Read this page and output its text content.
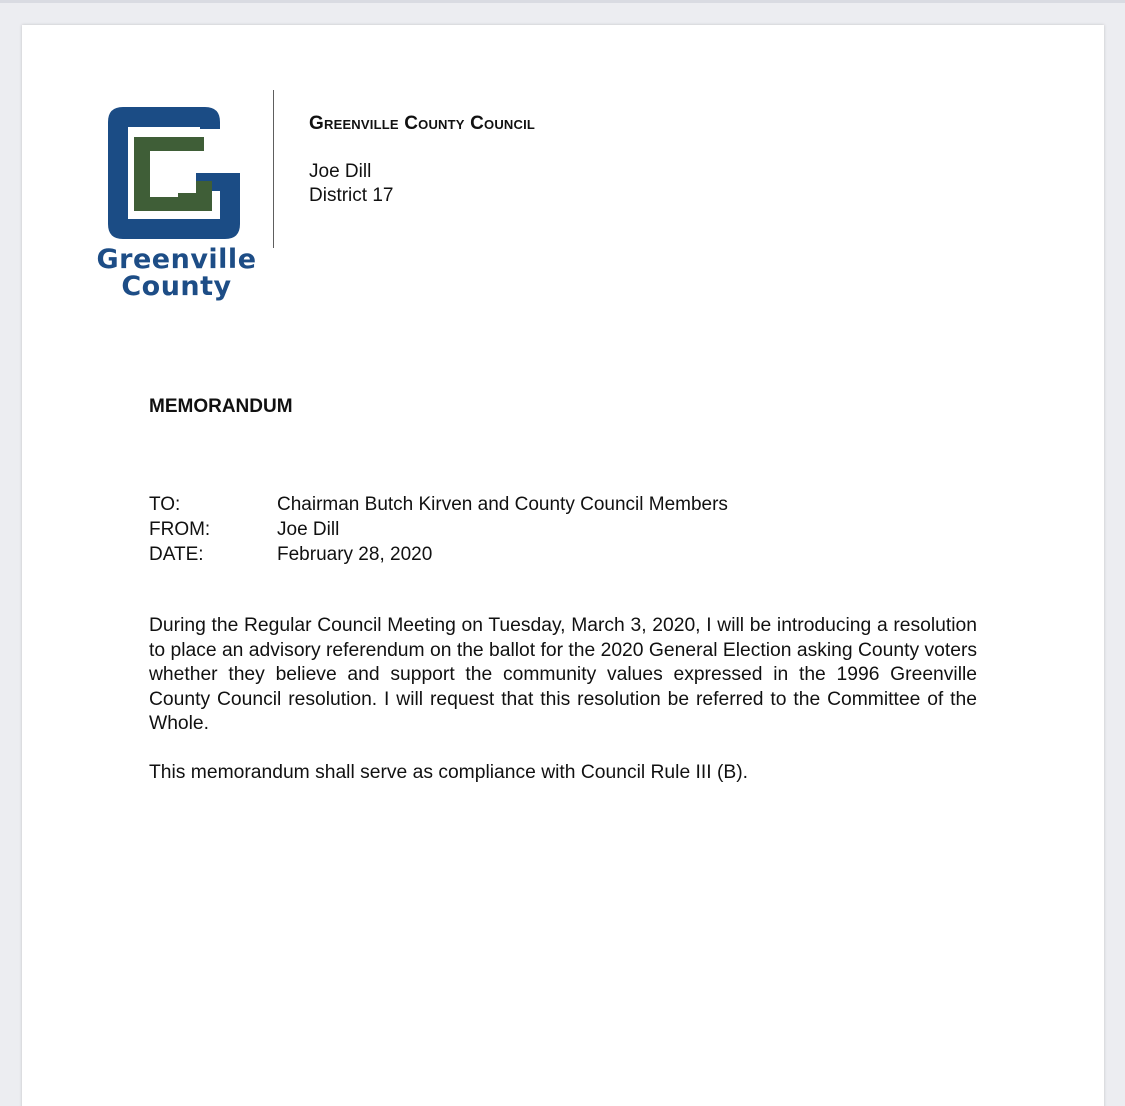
Greenville
County
Greenville County Council
Joe Dill
District 17
MEMORANDUM
TO:	Chairman Butch Kirven and County Council Members
FROM:	Joe Dill
DATE:	February 28, 2020

During the Regular Council Meeting on Tuesday, March 3, 2020, I will be introducing a resolution to place an advisory referendum on the ballot for the 2020 General Election asking County voters whether they believe and support the community values expressed in the 1996 Greenville County Council resolution. I will request that this resolution be referred to the Committee of the Whole.

This memorandum shall serve as compliance with Council Rule III (B).
